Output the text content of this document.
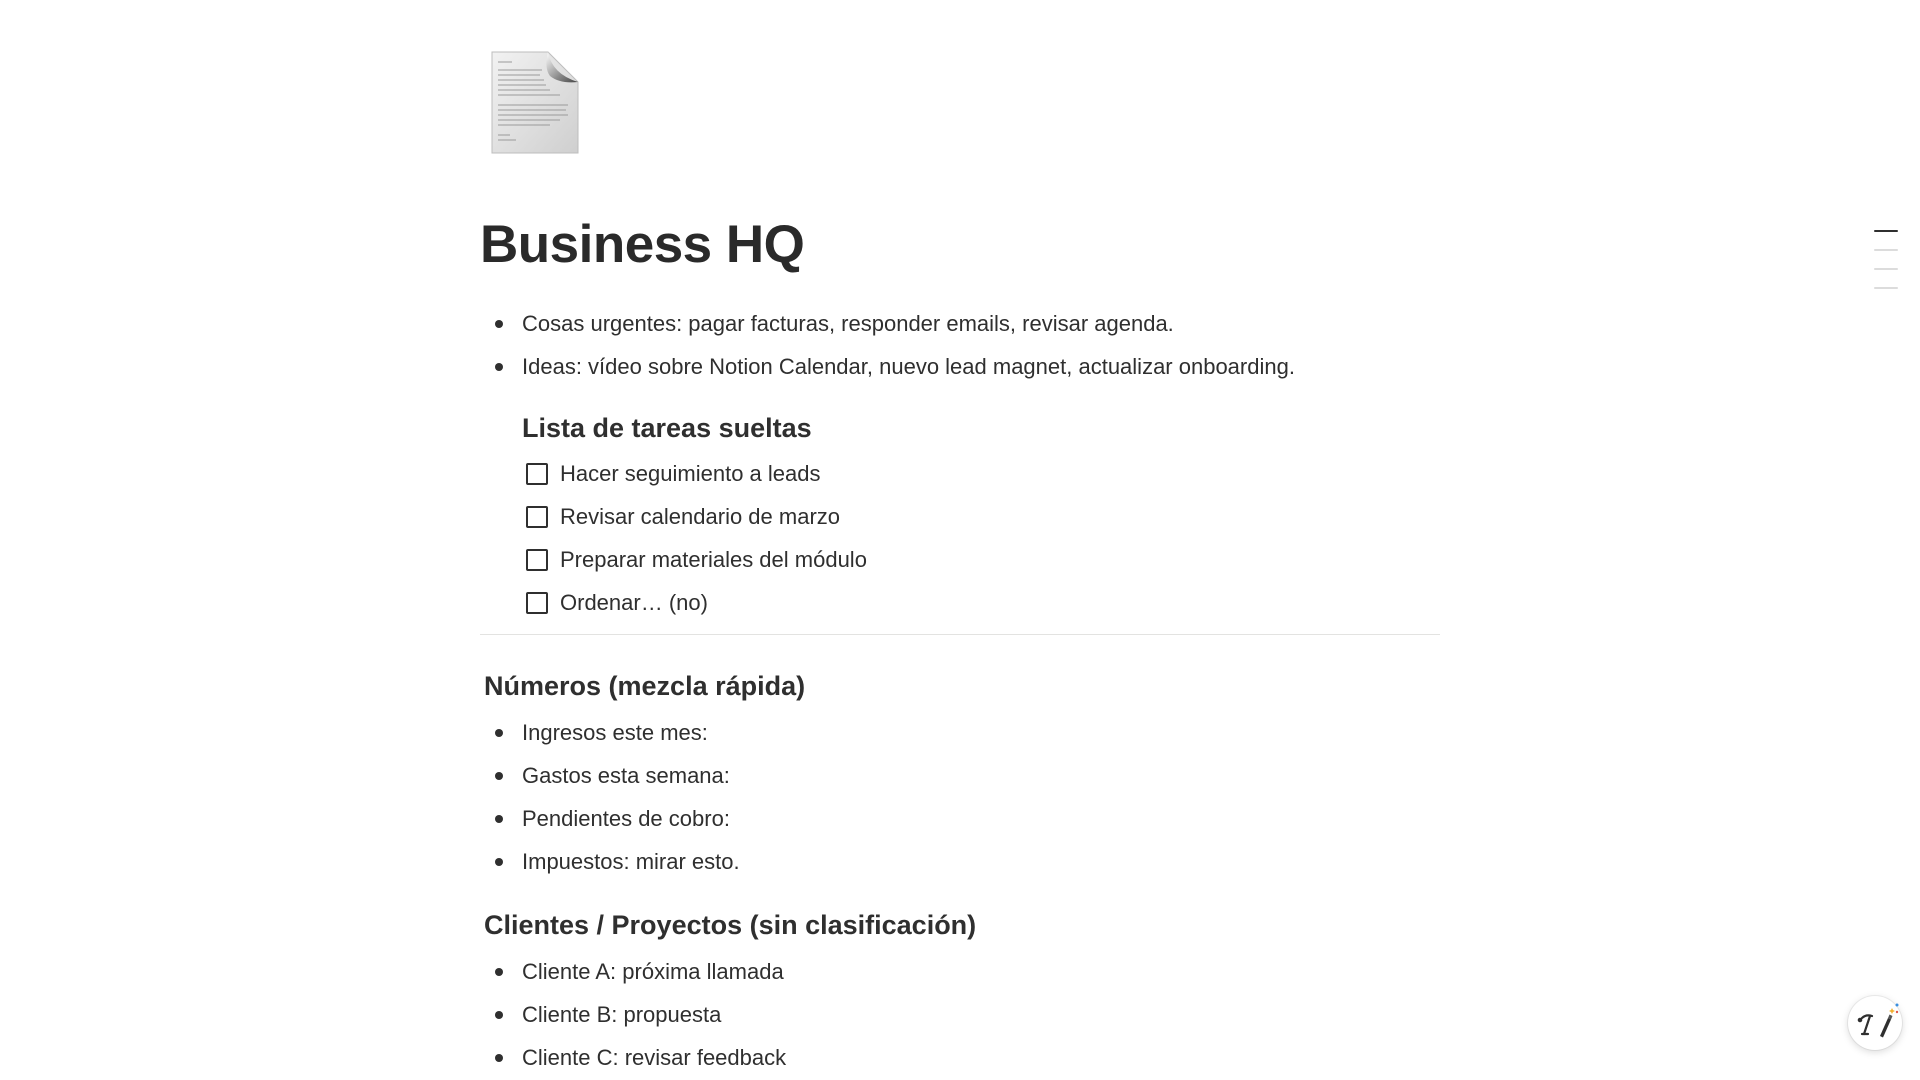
Business HQ
Cosas urgentes: pagar facturas, responder emails, revisar agenda.
Ideas: vídeo sobre Notion Calendar, nuevo lead magnet, actualizar onboarding.
Lista de tareas sueltas
Hacer seguimiento a leads
Revisar calendario de marzo
Preparar materiales del módulo
Ordenar… (no)
Números (mezcla rápida)
Ingresos este mes:
Gastos esta semana:
Pendientes de cobro:
Impuestos: mirar esto.
Clientes / Proyectos (sin clasificación)
Cliente A: próxima llamada
Cliente B: propuesta
Cliente C: revisar feedback
